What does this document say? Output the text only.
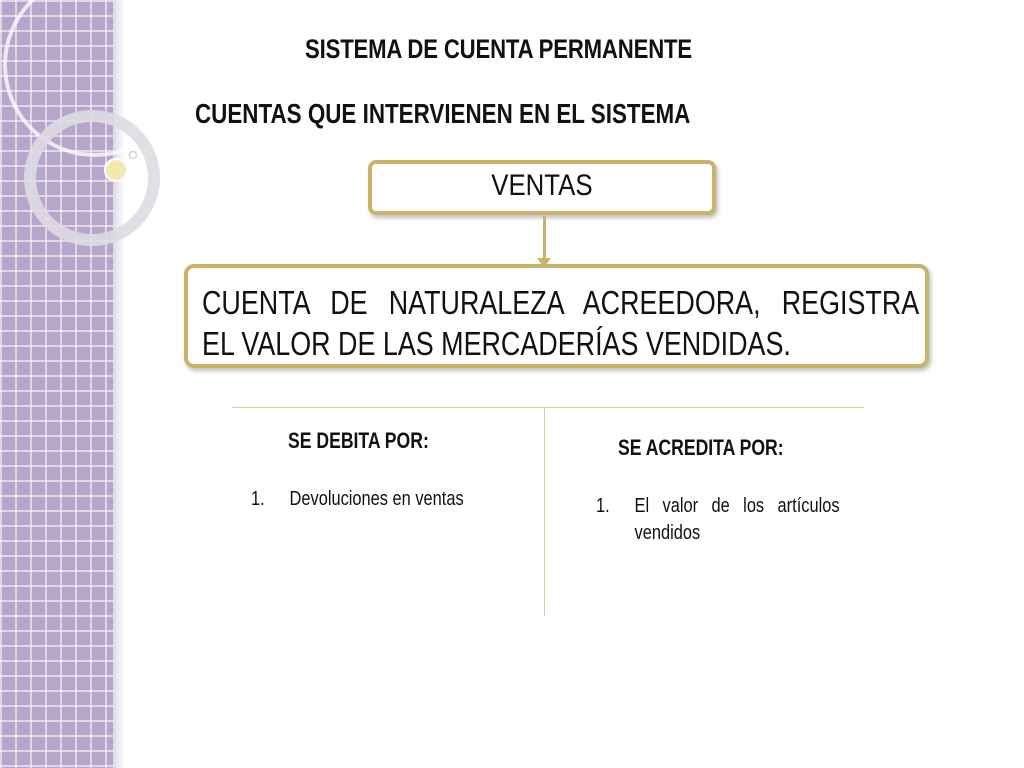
SISTEMA DE CUENTA PERMANENTE
CUENTAS QUE INTERVIENEN EN EL SISTEMA
VENTAS
CUENTA DE NATURALEZA ACREEDORA, REGISTRA
EL VALOR DE LAS MERCADERÍAS VENDIDAS.
SE DEBITA POR:
1. Devoluciones en ventas
SE ACREDITA POR:
1. El valor de los artículos
vendidos
